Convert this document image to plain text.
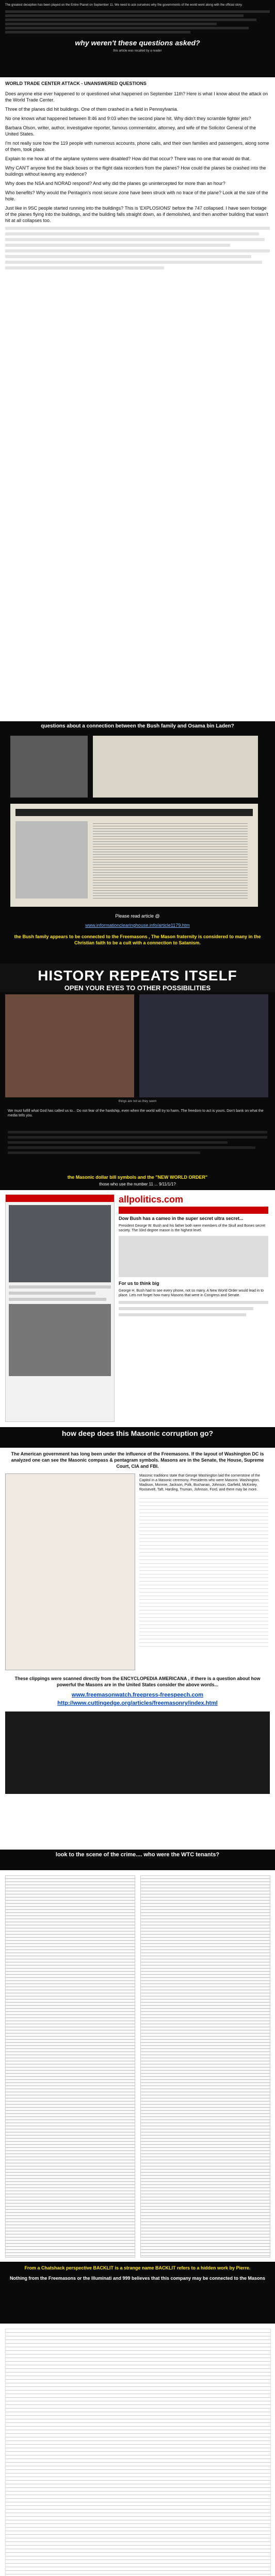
The greatest deception has been played on the Entire Planet on September 11. We need to ask ourselves why the governments of the world went along with the official story.

why weren't these questions asked?
this article was recalled by a reader
WORLD TRADE CENTER ATTACK - UNANSWERED QUESTIONS

Does anyone else ever happened to or questioned what happened on September 11th? Here is what I know about the attack on the World Trade Center.

Three of the planes did hit buildings. One of them crashed in a field in Pennsylvania.

No one knows what happened between 8:46 and 9:03 when the second plane hit. Why didn't they scramble fighter jets?

Barbara Olson, writer, author, investigative reporter, famous commentator, attorney, and wife of the Solicitor General of the United States.

I'm not really sure how the 119 people with numerous accounts, phone calls, and their own families and passengers, along some of them, took place.

Explain to me how all of the airplane systems were disabled? How did that occur? There was no one that would do that.

Why CAN'T anyone find the black boxes or the flight data recorders from the planes? How could the planes be crashed into the buildings without leaving any evidence?

Why does the NSA and NORAD respond? And why did the planes go unintercepted for more than an hour?

Who benefits? Why would the Pentagon's most secure zone have been struck with no trace of the plane? Look at the size of the hole.

Just like in 9SC people started running into the buildings? This is 'EXPLOSIONS' before the 747 collapsed. I have seen footage of the planes flying into the buildings, and the building falls straight down, as if demolished, and then another building that wasn't hit at all collapses too.

questions about a connection between the Bush family and Osama bin Laden?
Please read article @
www.informationclearinghouse.info/article1179.htm
the Bush family appears to be connected to the Freemasons , The Mason fraternity is considered to many in the Christian faith to be a cult with a connection to Satanism.
HISTORY REPEATS ITSELF
OPEN YOUR EYES TO OTHER POSSIBILITIES
things are not as they seem
We must fulfill what God has called us to... Do not fear of the hardship, even when the world will try to harm. The freedom to act is yours. Don't bank on what the media tells you.
the Masonic dollar bill symbols and the "NEW WORLD ORDER"
those who use the number 11 ... 9/11/1/1?
allpolitics.com
Dow Bush has a cameo in the super secret ultra secret...
President George W. Bush and his father both were members of the Skull and Bones secret society. The 33rd degree mason is the highest level.
For us to think big
George H. Bush had to see every phone, not so many. A New World Order would lead in to place. Lets not forget how many Masons that were in Congress and Senate.
how deep does this Masonic corruption go?
The American government has long been under the influence of the Freemasons. If the layout of Washington DC is analyzed one can see the Masonic compass & pentagram symbols. Masons are in the Senate, the House, Supreme Court, CIA and FBI.
Masonic traditions state that George Washington laid the cornerstone of the Capitol in a Masonic ceremony. Presidents who were Masons: Washington, Madison, Monroe, Jackson, Polk, Buchanan, Johnson, Garfield, McKinley, Roosevelt, Taft, Harding, Truman, Johnson, Ford, and there may be more.
These clippings were scanned directly from the ENCYCLOPEDIA AMERICANA , if there is a question about how powerful the Masons are in the United States consider the above words...
www.freemasonwatch.freepress-freespeech.com
http://www.cuttingedge.org/articles/freemasonry/index.html
look to the scene of the crime.... who were the WTC tenants?
From a Chatshack perspective BACKLIT is a strange name BACKLIT refers to a hidden work by Pierre.
Nothing from the Freemasons or the Illuminati and 999 believes that this company may be connected to the Masons
